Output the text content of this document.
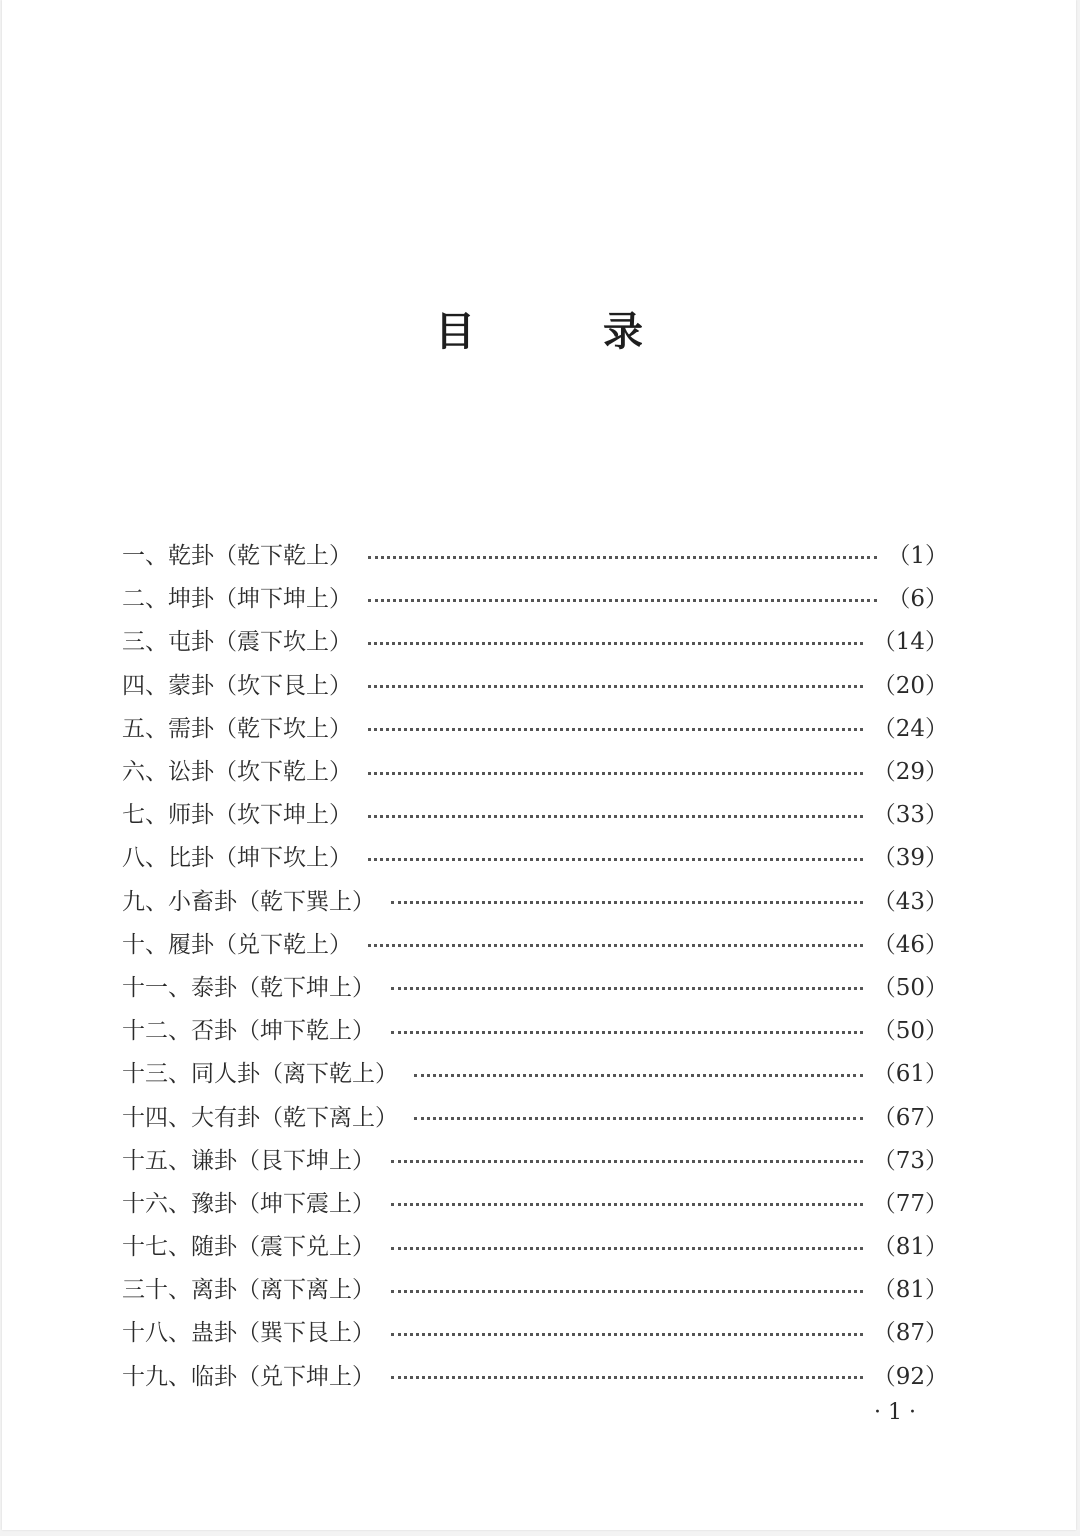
目　录
一、乾卦（乾下乾上）	（1）
二、坤卦（坤下坤上）	（6）
三、屯卦（震下坎上）	（14）
四、蒙卦（坎下艮上）	（20）
五、需卦（乾下坎上）	（24）
六、讼卦（坎下乾上）	（29）
七、师卦（坎下坤上）	（33）
八、比卦（坤下坎上）	（39）
九、小畜卦（乾下巽上）	（43）
十、履卦（兑下乾上）	（46）
十一、泰卦（乾下坤上）	（50）
十二、否卦（坤下乾上）	（50）
十三、同人卦（离下乾上）	（61）
十四、大有卦（乾下离上）	（67）
十五、谦卦（艮下坤上）	（73）
十六、豫卦（坤下震上）	（77）
十七、随卦（震下兑上）	（81）
三十、离卦（离下离上）	（81）
十八、蛊卦（巽下艮上）	（87）
十九、临卦（兑下坤上）	（92）
· 1 ·
